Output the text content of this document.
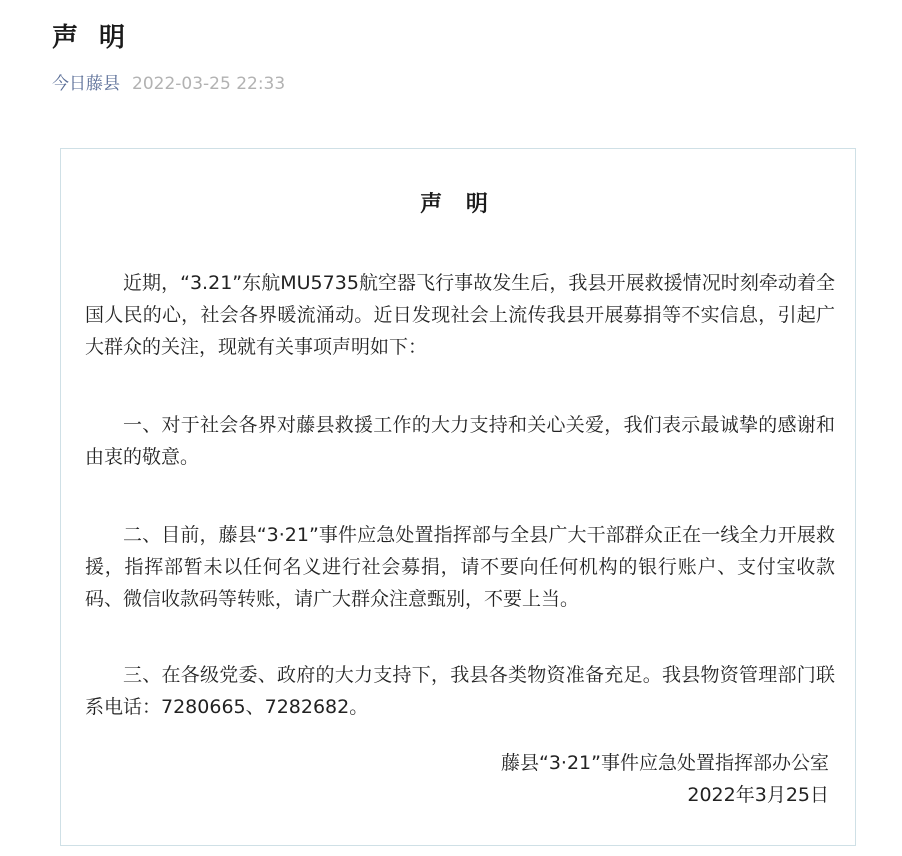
声 明
今日藤县 2022-03-25 22:33
声 明
近期，“3.21”东航MU5735航空器飞行事故发生后，我县开展救援情况时刻牵动着全国人民的心，社会各界暖流涌动。近日发现社会上流传我县开展募捐等不实信息，引起广大群众的关注，现就有关事项声明如下：
一、对于社会各界对藤县救援工作的大力支持和关心关爱，我们表示最诚挚的感谢和由衷的敬意。
二、目前，藤县“3·21”事件应急处置指挥部与全县广大干部群众正在一线全力开展救援，指挥部暂未以任何名义进行社会募捐，请不要向任何机构的银行账户、支付宝收款码、微信收款码等转账，请广大群众注意甄别，不要上当。
三、在各级党委、政府的大力支持下，我县各类物资准备充足。我县物资管理部门联系电话：7280665、7282682。
藤县“3·21”事件应急处置指挥部办公室
2022年3月25日
